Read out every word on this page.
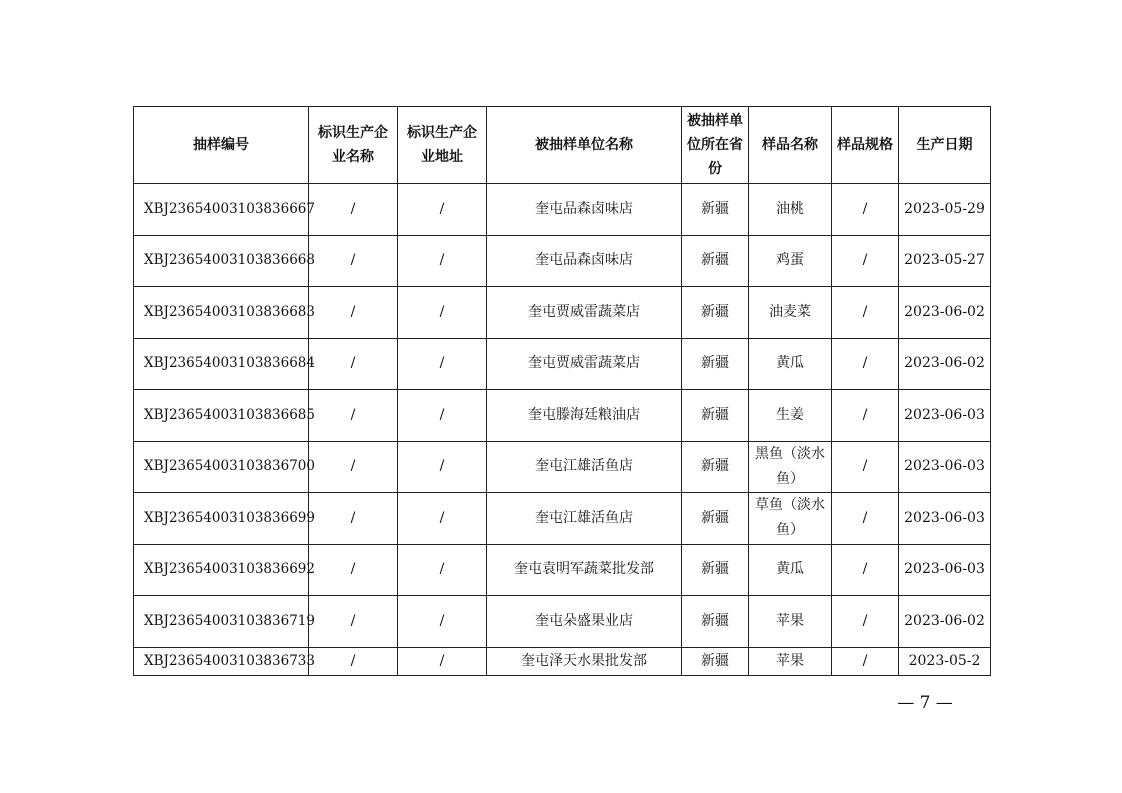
抽样编号	标识生产企业名称	标识生产企业地址	被抽样单位名称	被抽样单位所在省份	样品名称	样品规格	生产日期
XBJ23654003103836667	/	/	奎屯品森卤味店	新疆	油桃	/	2023-05-29
XBJ23654003103836668	/	/	奎屯品森卤味店	新疆	鸡蛋	/	2023-05-27
XBJ23654003103836683	/	/	奎屯贾威雷蔬菜店	新疆	油麦菜	/	2023-06-02
XBJ23654003103836684	/	/	奎屯贾威雷蔬菜店	新疆	黄瓜	/	2023-06-02
XBJ23654003103836685	/	/	奎屯滕海廷粮油店	新疆	生姜	/	2023-06-03
XBJ23654003103836700	/	/	奎屯江雄活鱼店	新疆	黑鱼（淡水鱼）	/	2023-06-03
XBJ23654003103836699	/	/	奎屯江雄活鱼店	新疆	草鱼（淡水鱼）	/	2023-06-03
XBJ23654003103836692	/	/	奎屯袁明军蔬菜批发部	新疆	黄瓜	/	2023-06-03
XBJ23654003103836719	/	/	奎屯朵盛果业店	新疆	苹果	/	2023-06-02
XBJ23654003103836733	/	/	奎屯泽天水果批发部	新疆	苹果	/	2023-05-2
— 7 —
